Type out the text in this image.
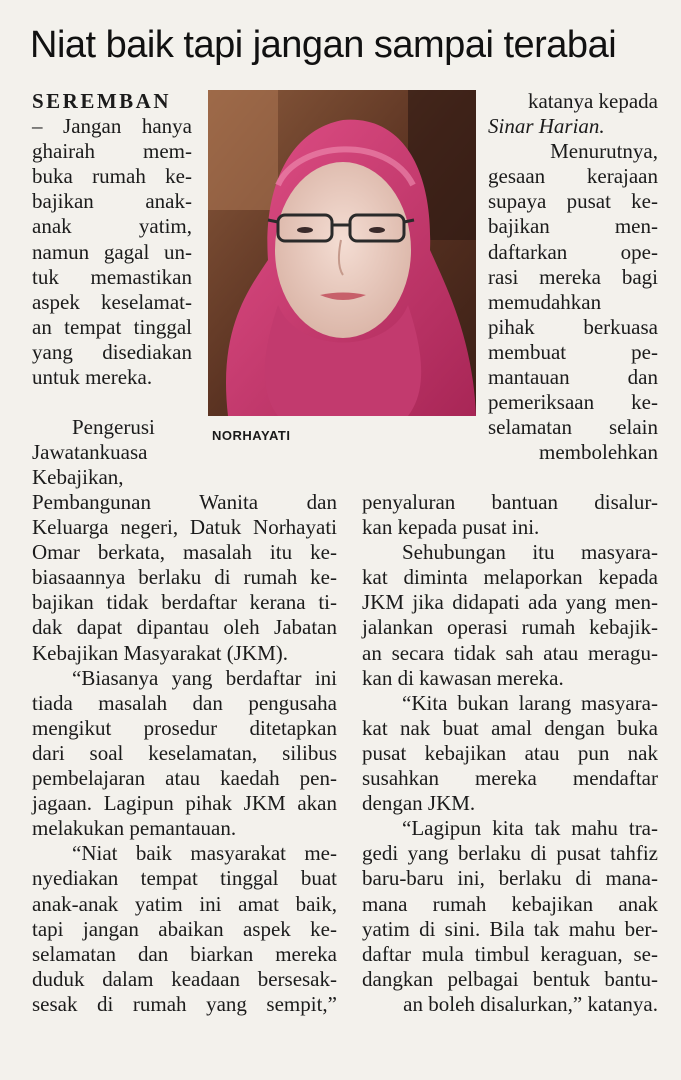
Niat baik tapi jangan sampai terabai
SEREMBAN
– Jangan hanya
ghairah mem-
buka rumah ke-
bajikan anak-
anak yatim,
namun gagal un-
tuk memastikan
aspek keselamat-
an tempat tinggal
yang disediakan
untuk mereka.
Pengerusi
Jawatankuasa
Kebajikan,
NORHAYATI
Pembangunan Wanita dan
Keluarga negeri, Datuk Norhayati
Omar berkata, masalah itu ke-
biasaannya berlaku di rumah ke-
bajikan tidak berdaftar kerana ti-
dak dapat dipantau oleh Jabatan
Kebajikan Masyarakat (JKM).
“Biasanya yang berdaftar ini
tiada masalah dan pengusaha
mengikut prosedur ditetapkan
dari soal keselamatan, silibus
pembelajaran atau kaedah pen-
jagaan. Lagipun pihak JKM akan
melakukan pemantauan.
“Niat baik masyarakat me-
nyediakan tempat tinggal buat
anak-anak yatim ini amat baik,
tapi jangan abaikan aspek ke-
selamatan dan biarkan mereka
duduk dalam keadaan bersesak-
sesak di rumah yang sempit,”
katanya kepada
Sinar Harian.
Menurutnya,
gesaan kerajaan
supaya pusat ke-
bajikan men-
daftarkan ope-
rasi mereka bagi
memudahkan
pihak berkuasa
membuat pe-
mantauan dan
pemeriksaan ke-
selamatan selain
membolehkan
penyaluran bantuan disalur-
kan kepada pusat ini.
Sehubungan itu masyara-
kat diminta melaporkan kepada
JKM jika didapati ada yang men-
jalankan operasi rumah kebajik-
an secara tidak sah atau meragu-
kan di kawasan mereka.
“Kita bukan larang masyara-
kat nak buat amal dengan buka
pusat kebajikan atau pun nak
susahkan mereka mendaftar
dengan JKM.
“Lagipun kita tak mahu tra-
gedi yang berlaku di pusat tahfiz
baru-baru ini, berlaku di mana-
mana rumah kebajikan anak
yatim di sini. Bila tak mahu ber-
daftar mula timbul keraguan, se-
dangkan pelbagai bentuk bantu-
an boleh disalurkan,” katanya.
